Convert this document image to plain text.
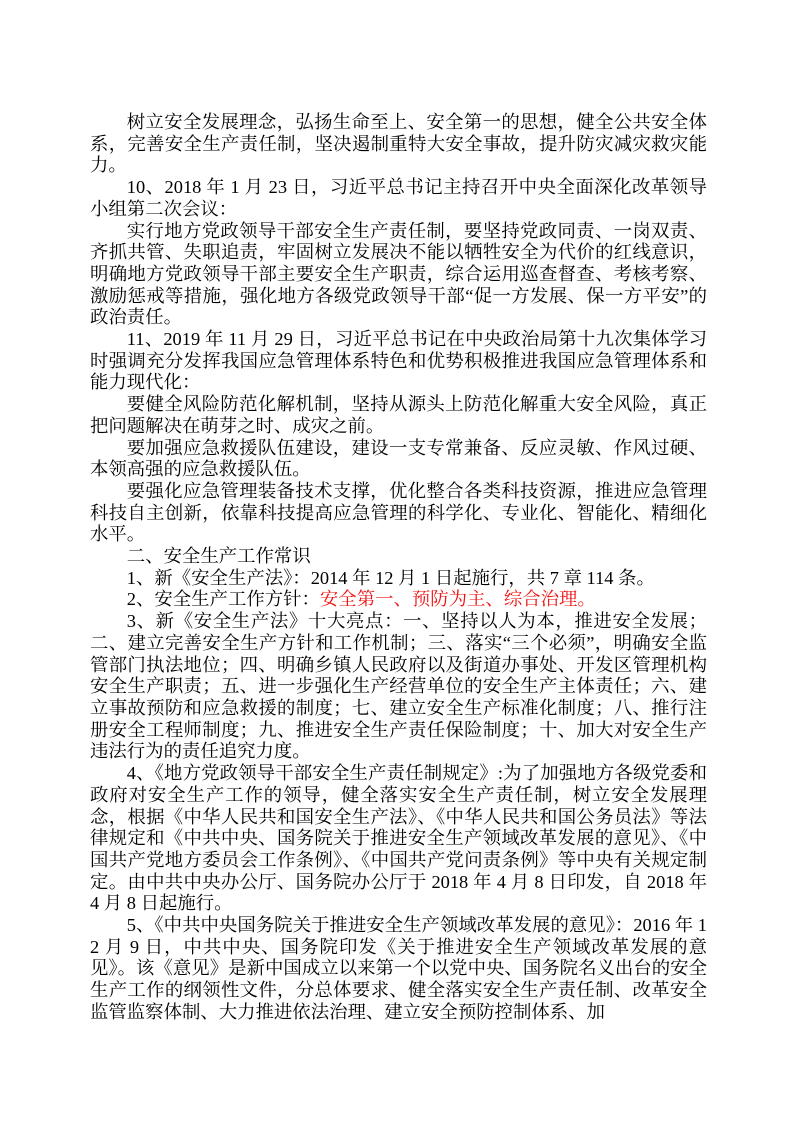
树立安全发展理念，弘扬生命至上、安全第一的思想，健全公共安全体系，完善安全生产责任制，坚决遏制重特大安全事故，提升防灾减灾救灾能力。

10、2018 年 1 月 23 日，习近平总书记主持召开中央全面深化改革领导小组第二次会议：

实行地方党政领导干部安全生产责任制，要坚持党政同责、一岗双责、齐抓共管、失职追责，牢固树立发展决不能以牺牲安全为代价的红线意识，明确地方党政领导干部主要安全生产职责，综合运用巡查督查、考核考察、激励惩戒等措施，强化地方各级党政领导干部“促一方发展、保一方平安”的政治责任。

11、2019 年 11 月 29 日，习近平总书记在中央政治局第十九次集体学习时强调充分发挥我国应急管理体系特色和优势积极推进我国应急管理体系和能力现代化：

要健全风险防范化解机制，坚持从源头上防范化解重大安全风险，真正把问题解决在萌芽之时、成灾之前。

要加强应急救援队伍建设，建设一支专常兼备、反应灵敏、作风过硬、本领高强的应急救援队伍。

要强化应急管理装备技术支撑，优化整合各类科技资源，推进应急管理科技自主创新，依靠科技提高应急管理的科学化、专业化、智能化、精细化水平。

二、安全生产工作常识

1、新《安全生产法》：2014 年 12 月 1 日起施行，共 7 章 114 条。

2、安全生产工作方针：安全第一、预防为主、综合治理。

3、新《安全生产法》十大亮点：一、坚持以人为本，推进安全发展；二、建立完善安全生产方针和工作机制；三、落实“三个必须”，明确安全监管部门执法地位；四、明确乡镇人民政府以及街道办事处、开发区管理机构安全生产职责；五、进一步强化生产经营单位的安全生产主体责任；六、建立事故预防和应急救援的制度；七、建立安全生产标准化制度；八、推行注册安全工程师制度；九、推进安全生产责任保险制度；十、加大对安全生产违法行为的责任追究力度。

4、《地方党政领导干部安全生产责任制规定》:为了加强地方各级党委和政府对安全生产工作的领导，健全落实安全生产责任制，树立安全发展理念，根据《中华人民共和国安全生产法》、《中华人民共和国公务员法》等法律规定和《中共中央、国务院关于推进安全生产领域改革发展的意见》、《中国共产党地方委员会工作条例》、《中国共产党问责条例》等中央有关规定制定。由中共中央办公厅、国务院办公厅于 2018 年 4 月 8 日印发，自 2018 年 4 月 8 日起施行。

5、《中共中央国务院关于推进安全生产领域改革发展的意见》：2016 年 12 月 9 日，中共中央、国务院印发《关于推进安全生产领域改革发展的意见》。该《意见》是新中国成立以来第一个以党中央、国务院名义出台的安全生产工作的纲领性文件，分总体要求、健全落实安全生产责任制、改革安全监管监察体制、大力推进依法治理、建立安全预防控制体系、加
